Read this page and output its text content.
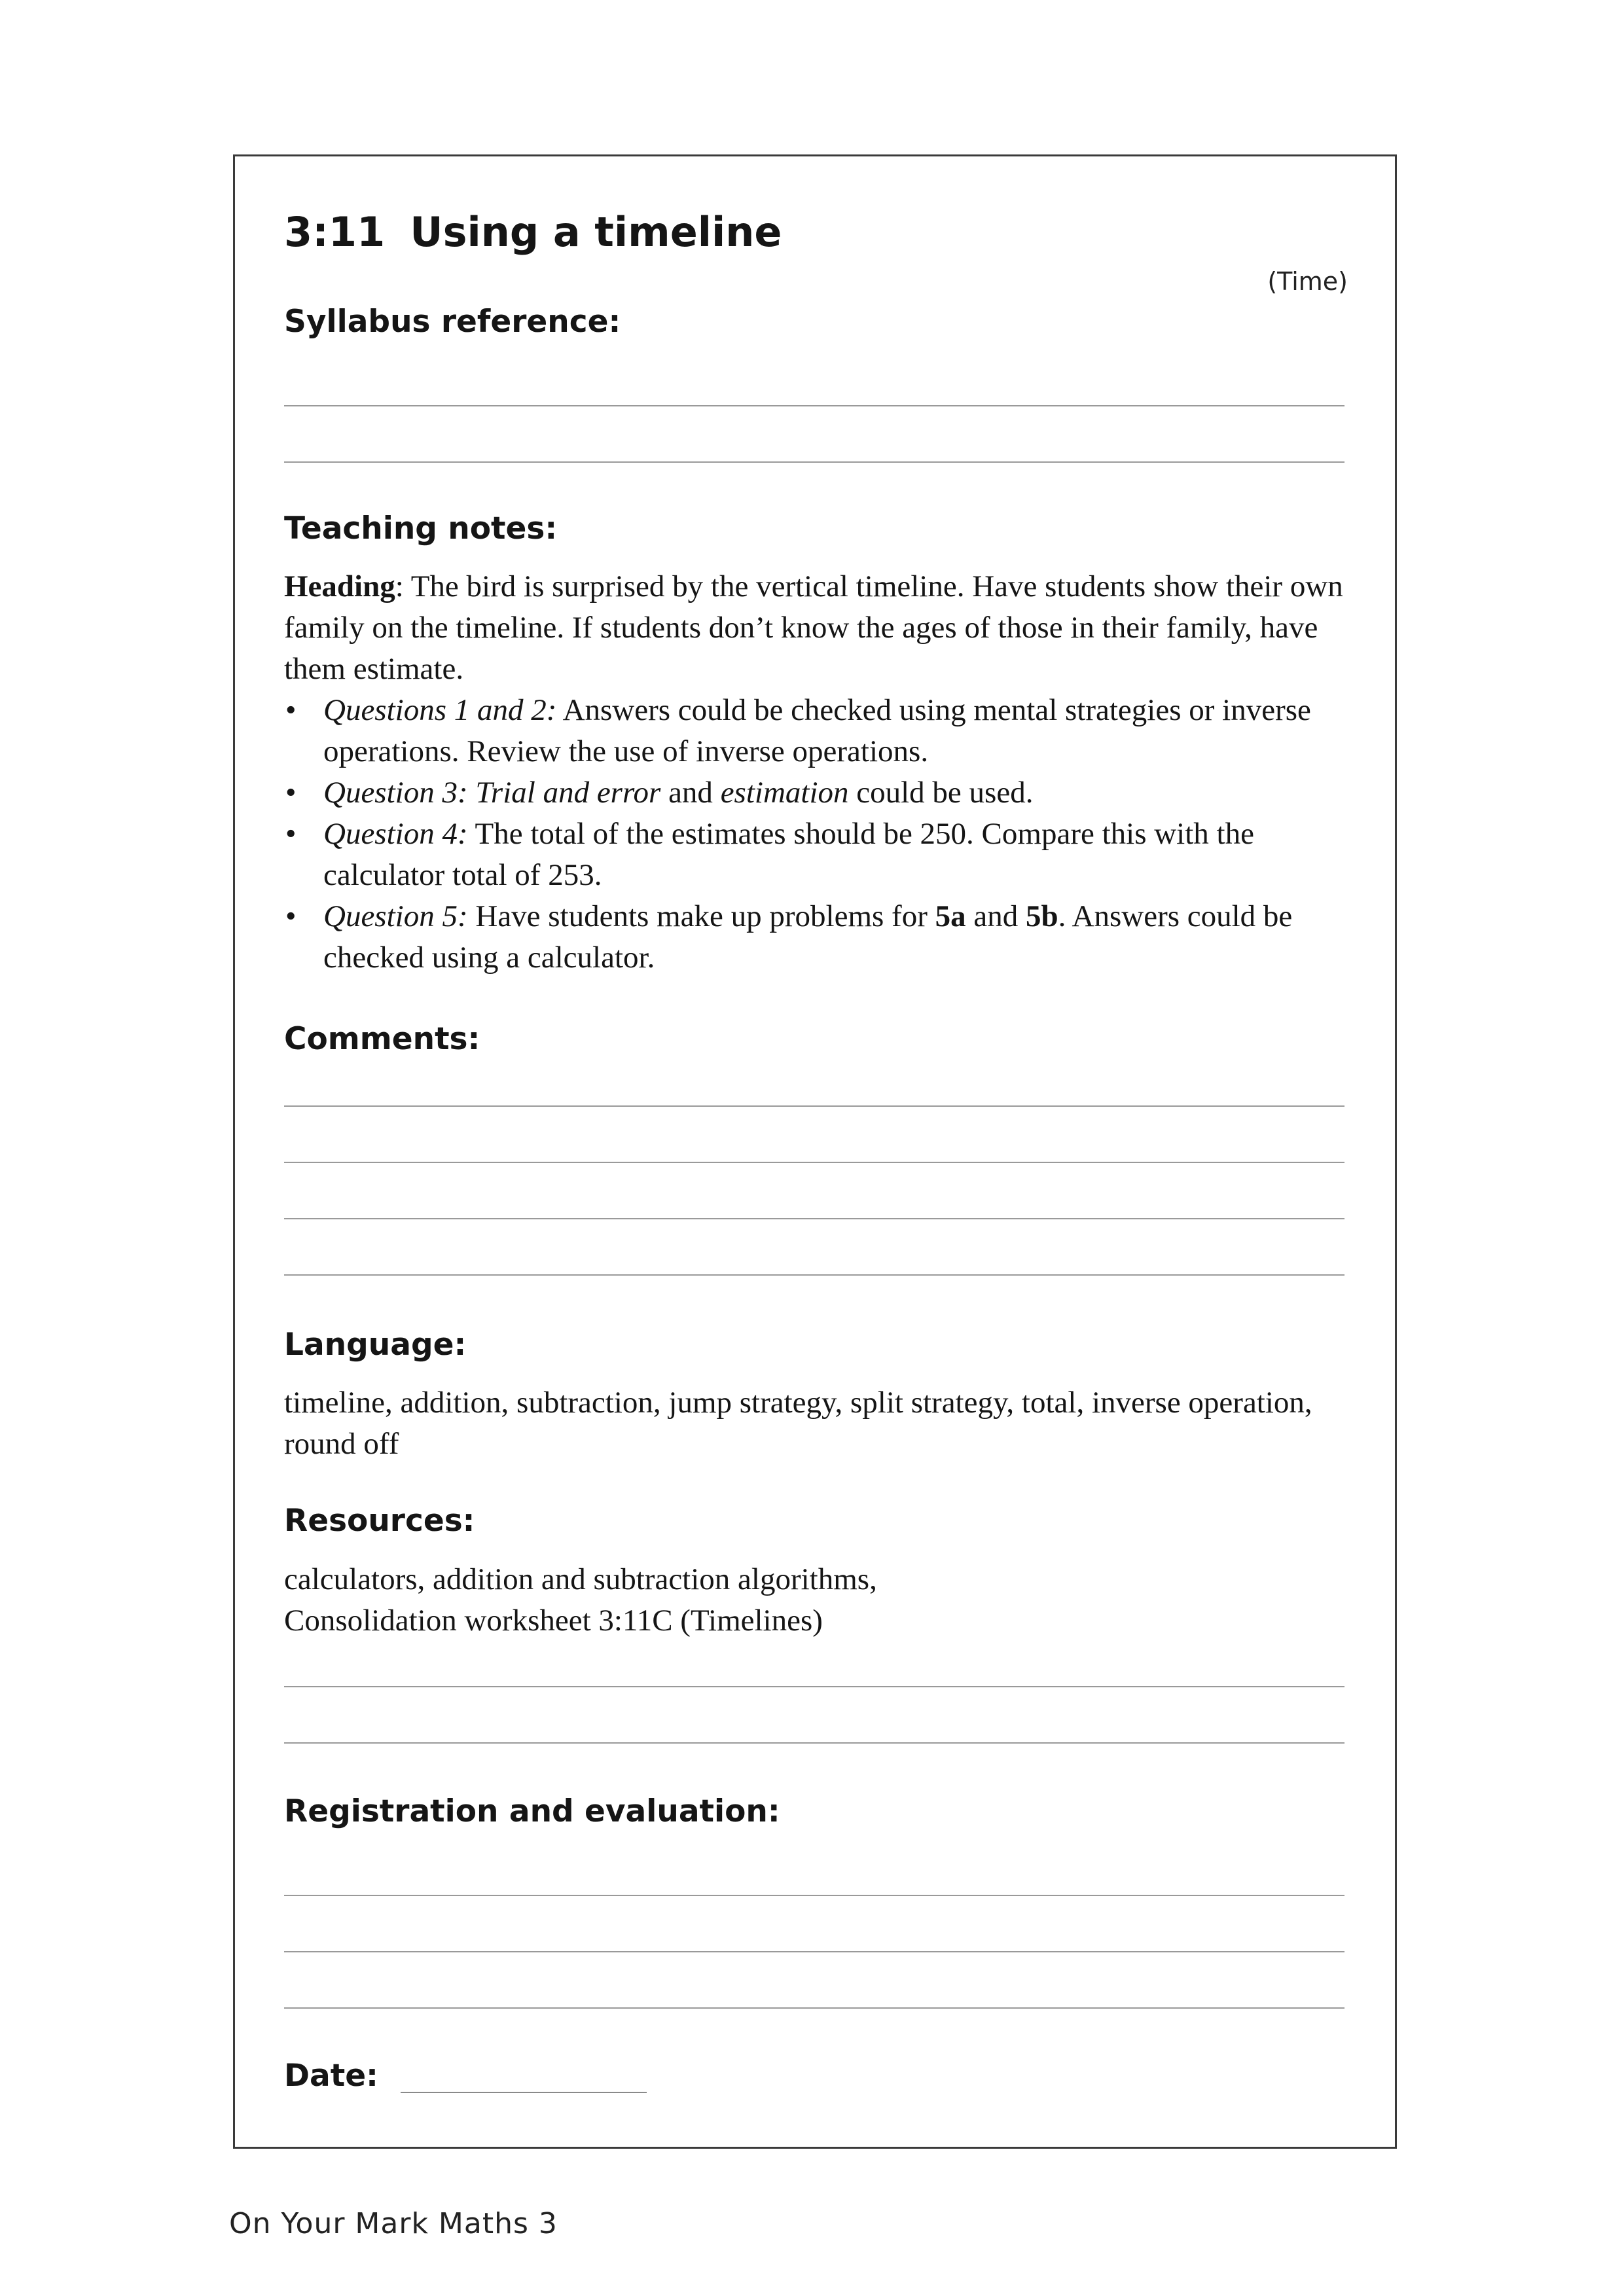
3:11 Using a timeline
(Time)
Syllabus reference:
Teaching notes:

Heading: The bird is surprised by the vertical timeline. Have students show their own family on the timeline. If students don’t know the ages of those in their family, have them estimate.

• Questions 1 and 2: Answers could be checked using mental strategies or inverse operations. Review the use of inverse operations.
• Question 3: Trial and error and estimation could be used.
• Question 4: The total of the estimates should be 250. Compare this with the calculator total of 253.
• Question 5: Have students make up problems for 5a and 5b. Answers could be checked using a calculator.
Comments:
Language:
timeline, addition, subtraction, jump strategy, split strategy, total, inverse operation, round off
Resources:

calculators, addition and subtraction algorithms,

Consolidation worksheet 3:11C (Timelines)

Registration and evaluation:
Date:
On Your Mark Maths 3
